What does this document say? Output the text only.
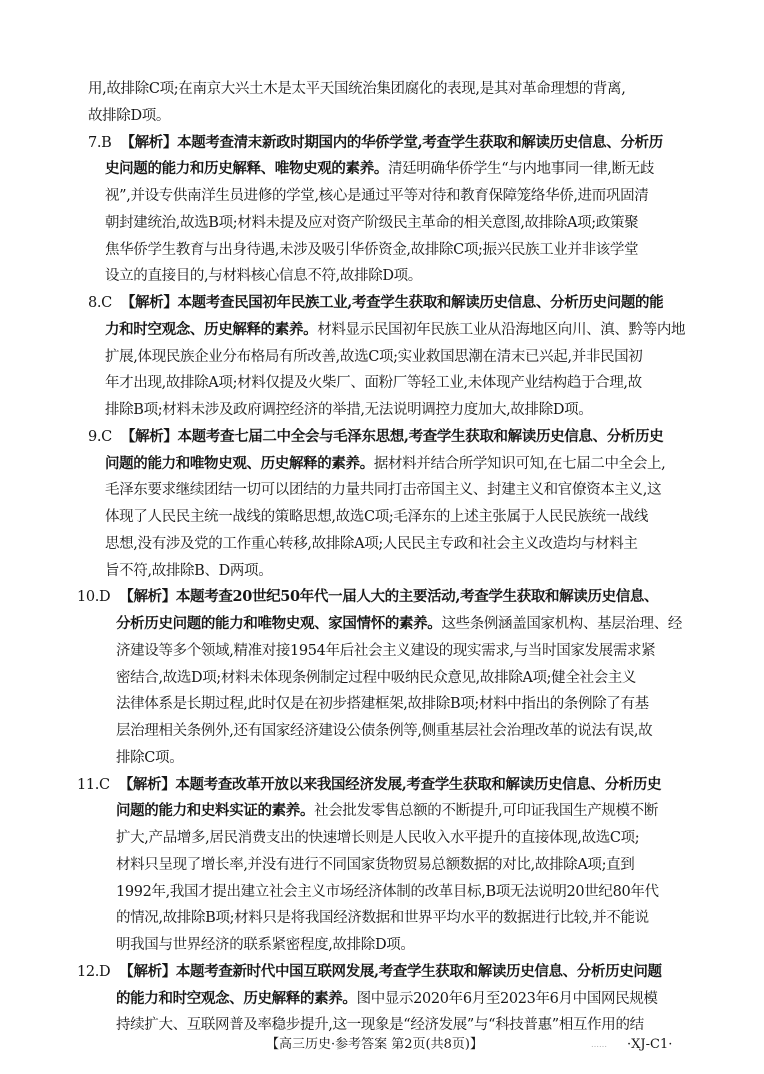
用,故排除C项;在南京大兴土木是太平天国统治集团腐化的表现,是其对革命理想的背离,
故排除D项。
7.B 【解析】本题考查清末新政时期国内的华侨学堂,考查学生获取和解读历史信息、分析历
史问题的能力和历史解释、唯物史观的素养。清廷明确华侨学生“与内地事同一律,断无歧
视”,并设专供南洋生员进修的学堂,核心是通过平等对待和教育保障笼络华侨,进而巩固清
朝封建统治,故选B项;材料未提及应对资产阶级民主革命的相关意图,故排除A项;政策聚
焦华侨学生教育与出身待遇,未涉及吸引华侨资金,故排除C项;振兴民族工业并非该学堂
设立的直接目的,与材料核心信息不符,故排除D项。
8.C 【解析】本题考查民国初年民族工业,考查学生获取和解读历史信息、分析历史问题的能
力和时空观念、历史解释的素养。材料显示民国初年民族工业从沿海地区向川、滇、黔等内地
扩展,体现民族企业分布格局有所改善,故选C项;实业救国思潮在清末已兴起,并非民国初
年才出现,故排除A项;材料仅提及火柴厂、面粉厂等轻工业,未体现产业结构趋于合理,故
排除B项;材料未涉及政府调控经济的举措,无法说明调控力度加大,故排除D项。
9.C 【解析】本题考查七届二中全会与毛泽东思想,考查学生获取和解读历史信息、分析历史
问题的能力和唯物史观、历史解释的素养。据材料并结合所学知识可知,在七届二中全会上,
毛泽东要求继续团结一切可以团结的力量共同打击帝国主义、封建主义和官僚资本主义,这
体现了人民民主统一战线的策略思想,故选C项;毛泽东的上述主张属于人民民族统一战线
思想,没有涉及党的工作重心转移,故排除A项;人民民主专政和社会主义改造均与材料主
旨不符,故排除B、D两项。
10.D 【解析】本题考查20世纪50年代一届人大的主要活动,考查学生获取和解读历史信息、
分析历史问题的能力和唯物史观、家国情怀的素养。这些条例涵盖国家机构、基层治理、经
济建设等多个领域,精准对接1954年后社会主义建设的现实需求,与当时国家发展需求紧
密结合,故选D项;材料未体现条例制定过程中吸纳民众意见,故排除A项;健全社会主义
法律体系是长期过程,此时仅是在初步搭建框架,故排除B项;材料中指出的条例除了有基
层治理相关条例外,还有国家经济建设公债条例等,侧重基层社会治理改革的说法有误,故
排除C项。
11.C 【解析】本题考查改革开放以来我国经济发展,考查学生获取和解读历史信息、分析历史
问题的能力和史料实证的素养。社会批发零售总额的不断提升,可印证我国生产规模不断
扩大,产品增多,居民消费支出的快速增长则是人民收入水平提升的直接体现,故选C项;
材料只呈现了增长率,并没有进行不同国家货物贸易总额数据的对比,故排除A项;直到
1992年,我国才提出建立社会主义市场经济体制的改革目标,B项无法说明20世纪80年代
的情况,故排除B项;材料只是将我国经济数据和世界平均水平的数据进行比较,并不能说
明我国与世界经济的联系紧密程度,故排除D项。
12.D 【解析】本题考查新时代中国互联网发展,考查学生获取和解读历史信息、分析历史问题
的能力和时空观念、历史解释的素养。图中显示2020年6月至2023年6月中国网民规模
持续扩大、互联网普及率稳步提升,这一现象是“经济发展”与“科技普惠”相互作用的结
【高三历史·参考答案 第2页(共8页)】	…… ·XJ-C1·
